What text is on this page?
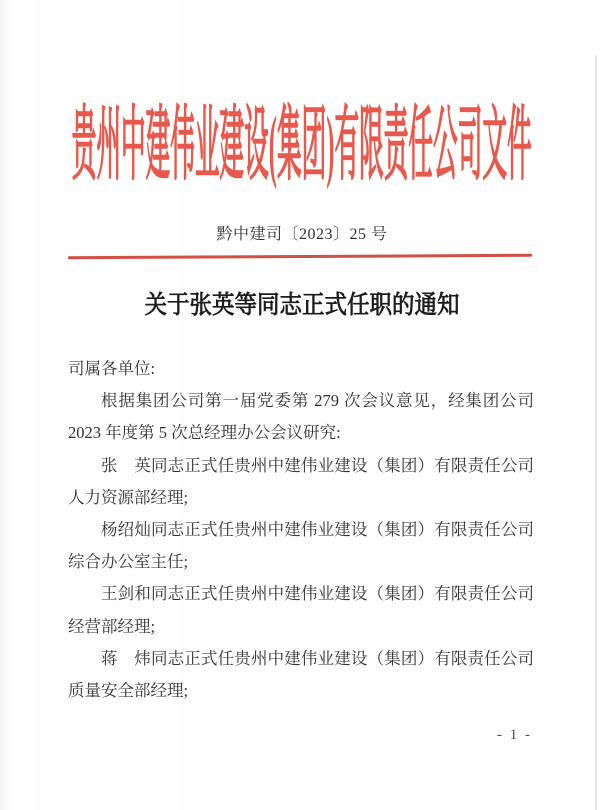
贵州中建伟业建设(集团)有限责任公司文件
黔中建司〔2023〕25 号
关于张英等同志正式任职的通知

司属各单位:

根据集团公司第一届党委第 279 次会议意见，经集团公司2023 年度第 5 次总经理办公会议研究:

张　英同志正式任贵州中建伟业建设（集团）有限责任公司人力资源部经理;

杨绍灿同志正式任贵州中建伟业建设（集团）有限责任公司综合办公室主任;

王剑和同志正式任贵州中建伟业建设（集团）有限责任公司经营部经理;

蒋　炜同志正式任贵州中建伟业建设（集团）有限责任公司质量安全部经理;

- 1 -
